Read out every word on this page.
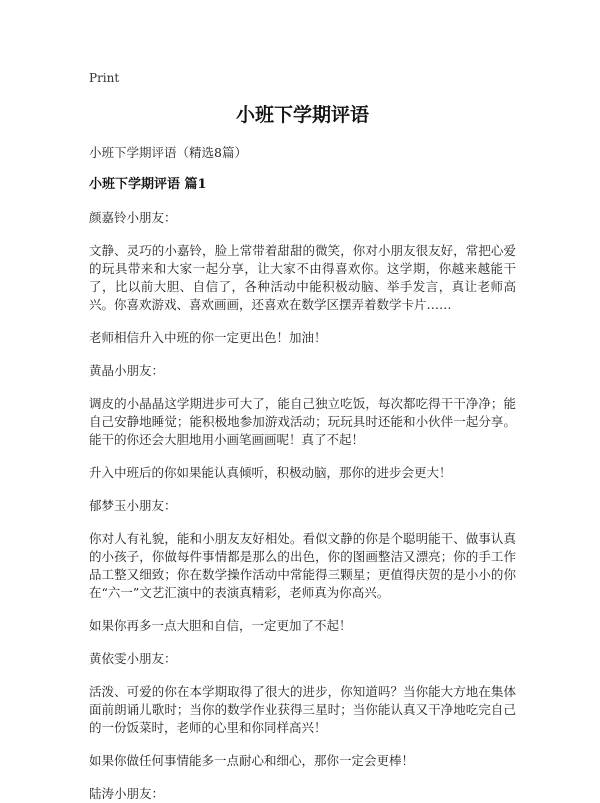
Print

小班下学期评语

小班下学期评语（精选8篇）

小班下学期评语 篇1

颜嘉铃小朋友：

文静、灵巧的小嘉铃，脸上常带着甜甜的微笑，你对小朋友很友好，常把心爱的玩具带来和大家一起分享，让大家不由得喜欢你。这学期，你越来越能干了，比以前大胆、自信了，各种活动中能积极动脑、举手发言，真让老师高兴。你喜欢游戏、喜欢画画，还喜欢在数学区摆弄着数学卡片……

老师相信升入中班的你一定更出色！加油！

黄晶小朋友：

调皮的小晶晶这学期进步可大了，能自己独立吃饭，每次都吃得干干净净；能自己安静地睡觉；能积极地参加游戏活动；玩玩具时还能和小伙伴一起分享。能干的你还会大胆地用小画笔画画呢！真了不起！

升入中班后的你如果能认真倾听，积极动脑，那你的进步会更大！

郁梦玉小朋友：

你对人有礼貌，能和小朋友友好相处。看似文静的你是个聪明能干、做事认真的小孩子，你做每件事情都是那么的出色，你的图画整洁又漂亮；你的手工作品工整又细致；你在数学操作活动中常能得三颗星；更值得庆贺的是小小的你在“六一”文艺汇演中的表演真精彩，老师真为你高兴。

如果你再多一点大胆和自信，一定更加了不起！

黄依雯小朋友：

活泼、可爱的你在本学期取得了很大的进步，你知道吗？当你能大方地在集体面前朗诵儿歌时；当你的数学作业获得三星时；当你能认真又干净地吃完自己的一份饭菜时，老师的心里和你同样高兴！

如果你做任何事情能多一点耐心和细心，那你一定会更棒！

陆涛小朋友：
